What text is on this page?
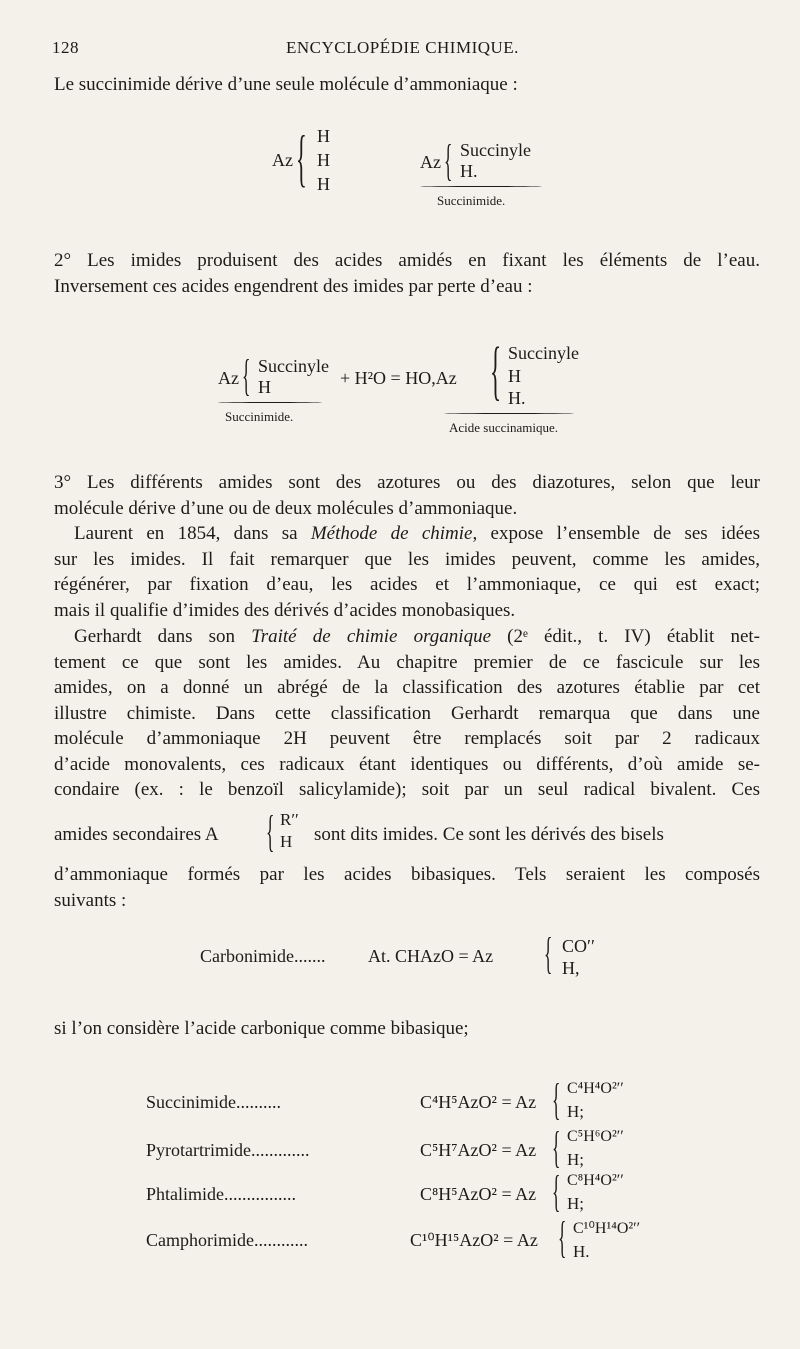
128	ENCYCLOPÉDIE CHIMIQUE.
Le succinimide dérive d’une seule molécule d’ammoniaque :
Az { H
H
H
Az { Succinyle
H.
Succinimide.
2° Les imides produisent des acides amidés en fixant les éléments de l’eau.
Inversement ces acides engendrent des imides par perte d’eau :
Az { Succinyle
H	+ H²O = HO,Az { Succinyle
H
H.
Succinimide.
Acide succinamique.
3° Les différents amides sont des azotures ou des diazotures, selon que leur
molécule dérive d’une ou de deux molécules d’ammoniaque.
Laurent en 1854, dans sa Méthode de chimie, expose l’ensemble de ses idées
sur les imides. Il fait remarquer que les imides peuvent, comme les amides,
régénérer, par fixation d’eau, les acides et l’ammoniaque, ce qui est exact;
mais il qualifie d’imides des dérivés d’acides monobasiques.
Gerhardt dans son Traité de chimie organique (2ᵉ édit., t. IV) établit net-
tement ce que sont les amides. Au chapitre premier de ce fascicule sur les
amides, on a donné un abrégé de la classification des azotures établie par cet
illustre chimiste. Dans cette classification Gerhardt remarqua que dans une
molécule d’ammoniaque 2H peuvent être remplacés soit par 2 radicaux
d’acide monovalents, ces radicaux étant identiques ou différents, d’où amide se-
condaire (ex. : le benzoïl salicylamide); soit par un seul radical bivalent. Ces
amides secondaires A { R′′
H sont dits imides. Ce sont les dérivés des bisels
d’ammoniaque formés par les acides bibasiques. Tels seraient les composés
suivants :
Carbonimide....... At. CHAzO = Az { CO′′
H,
si l’on considère l’acide carbonique comme bibasique;
Succinimide..........	C⁴H⁵AzO² = Az { C⁴H⁴O²′′
H;
Pyrotartrimide.............	C⁵H⁷AzO² = Az { C⁵H⁶O²′′
H;
Phtalimide................	C⁸H⁵AzO² = Az { C⁸H⁴O²′′
H;
Camphorimide............	C¹⁰H¹⁵AzO² = Az { C¹⁰H¹⁴O²′′
H.
